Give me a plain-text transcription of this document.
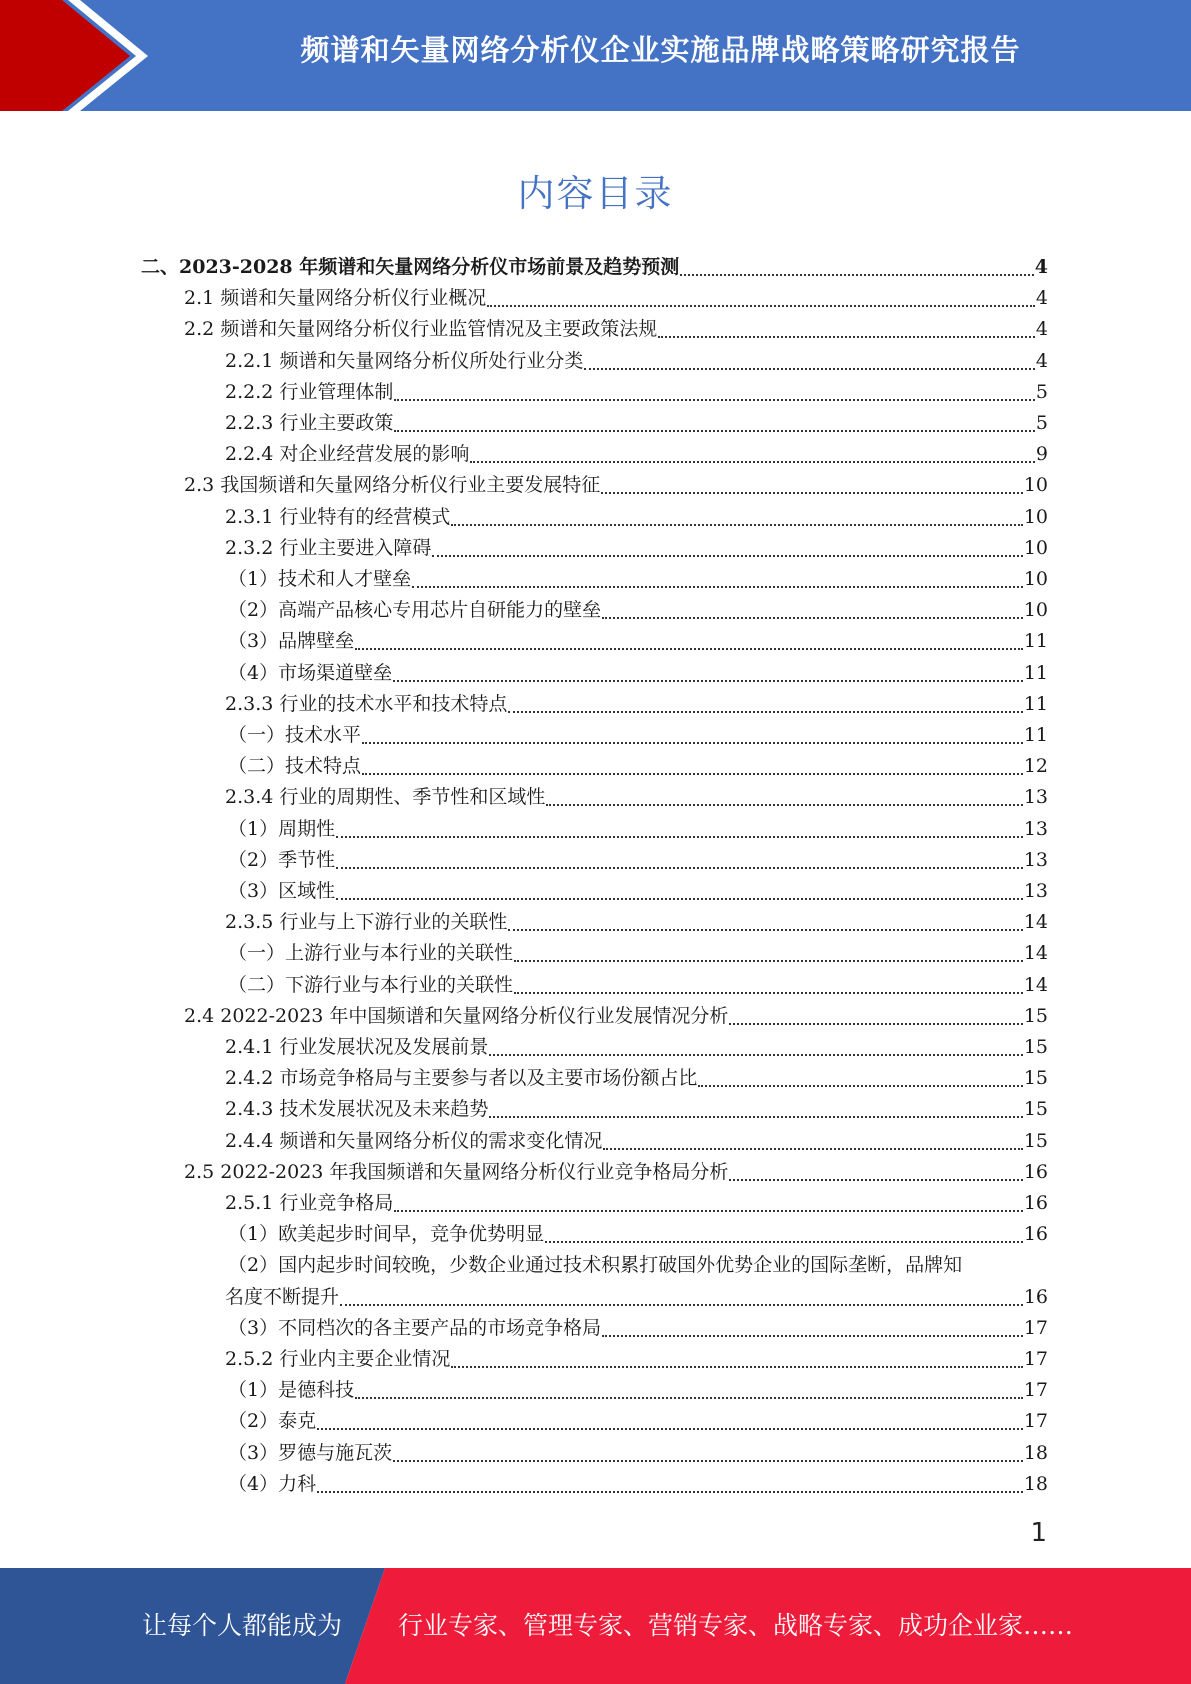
频谱和矢量网络分析仪企业实施品牌战略策略研究报告
内容目录
二、2023-2028 年频谱和矢量网络分析仪市场前景及趋势预测	4
2.1 频谱和矢量网络分析仪行业概况	4
2.2 频谱和矢量网络分析仪行业监管情况及主要政策法规	4
2.2.1 频谱和矢量网络分析仪所处行业分类	4
2.2.2 行业管理体制	5
2.2.3 行业主要政策	5
2.2.4 对企业经营发展的影响	9
2.3 我国频谱和矢量网络分析仪行业主要发展特征	10
2.3.1 行业特有的经营模式	10
2.3.2 行业主要进入障碍	10
（1）技术和人才壁垒	10
（2）高端产品核心专用芯片自研能力的壁垒	10
（3）品牌壁垒	11
（4）市场渠道壁垒	11
2.3.3 行业的技术水平和技术特点	11
（一）技术水平	11
（二）技术特点	12
2.3.4 行业的周期性、季节性和区域性	13
（1）周期性	13
（2）季节性	13
（3）区域性	13
2.3.5 行业与上下游行业的关联性	14
（一）上游行业与本行业的关联性	14
（二）下游行业与本行业的关联性	14
2.4 2022-2023 年中国频谱和矢量网络分析仪行业发展情况分析	15
2.4.1 行业发展状况及发展前景	15
2.4.2 市场竞争格局与主要参与者以及主要市场份额占比	15
2.4.3 技术发展状况及未来趋势	15
2.4.4 频谱和矢量网络分析仪的需求变化情况	15
2.5 2022-2023 年我国频谱和矢量网络分析仪行业竞争格局分析	16
2.5.1 行业竞争格局	16
（1）欧美起步时间早，竞争优势明显	16
（2）国内起步时间较晚，少数企业通过技术积累打破国外优势企业的国际垄断，品牌知
名度不断提升	16
（3）不同档次的各主要产品的市场竞争格局	17
2.5.2 行业内主要企业情况	17
（1）是德科技	17
（2）泰克	17
（3）罗德与施瓦茨	18
（4）力科	18
1
让每个人都能成为 行业专家、管理专家、营销专家、战略专家、成功企业家……
